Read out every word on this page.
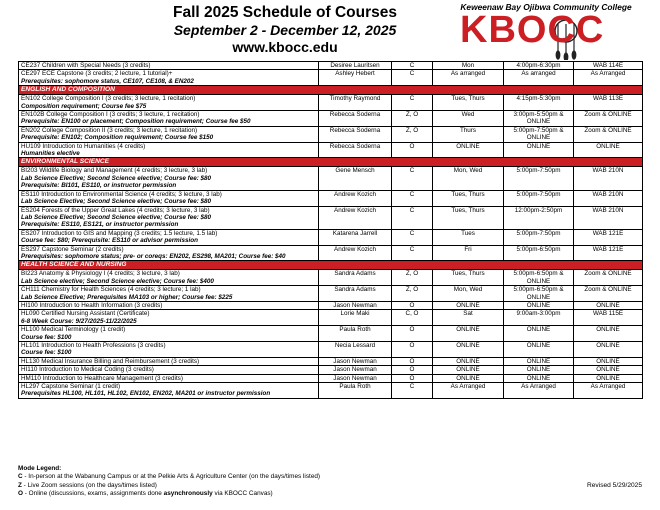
Fall 2025 Schedule of Courses
September 2 - December 12, 2025
www.kbocc.edu
Keweenaw Bay Ojibwa Community College
KBOCC
CE237 Children with Special Needs (3 credits)	Desiree Lauritsen	C	Mon	4:00pm-6:30pm	WAB 114E

CE297 ECE Capstone (3 credits; 2 lecture, 1 tutorial)+
Prerequisites: sophomore status, CE107, CE108, & EN202	Ashley Hebert	C	As arranged	As arranged	As Arranged
ENGLISH AND COMPOSITION					

EN102 College Composition I (3 credits; 3 lecture, 1 recitation)
Composition requirement; Course fee $75	Timothy Raymond	C	Tues, Thurs	4:15pm-5:30pm	WAB 113E

EN102B College Composition I (3 credits; 3 lecture, 1 recitation)
Prerequisite: EN100 or placement; Composition requirement; Course fee $50	Rebecca Soderna	Z, O	Wed	3:00pm-5:50pm & ONLINE	Zoom & ONLINE

EN202 College Composition II (3 credits; 3 lecture, 1 recitation)
Prerequisite: EN102; Composition requirement; Course fee $150	Rebecca Soderna	Z, O	Thurs	5:00pm-7:50pm & ONLINE	Zoom & ONLINE

HU109 Introduction to Humanities (4 credits)
Humanities elective	Rebecca Soderna	O	ONLINE	ONLINE	ONLINE
ENVIRONMENTAL SCIENCE					

BI203 Wildlife Biology and Management (4 credits; 3 lecture, 3 lab)
Lab Science Elective; Second Science elective; Course fee: $80
Prerequisite: BI101, ES110, or instructor permission	Gene Mensch	C	Mon, Wed	5:00pm-7:50pm	WAB 210N

ES110 Introduction to Environmental Science (4 credits; 3 lecture, 3 lab)
Lab Science Elective; Second Science elective; Course fee: $80	Andrew Kozich	C	Tues, Thurs	5:00pm-7:50pm	WAB 210N

ES204 Forests of the Upper Great Lakes (4 credits; 3 lecture, 3 lab)
Lab Science Elective; Second Science elective; Course fee: $80
Prerequisite: ES110, ES121, or instructor permission	Andrew Kozich	C	Tues, Thurs	12:00pm-2:50pm	WAB 210N

ES207 Introduction to GIS and Mapping (3 credits; 1.5 lecture, 1.5 lab)
Course fee: $80; Prerequisite: ES110 or advisor permission	Katarena Jarrell	C	Tues	5:00pm-7:50pm	WAB 121E

ES297 Capstone Seminar (2 credits)
Prerequisites: sophomore status; pre- or coreqs: EN202, ES298, MA201; Course fee: $40	Andrew Kozich	C	Fri	5:00pm-6:50pm	WAB 121E
HEALTH SCIENCE AND NURSING					

BI223 Anatomy & Physiology I (4 credits; 3 lecture, 3 lab)
Lab Science elective; Second Science elective; Course fee: $400	Sandra Adams	Z, O	Tues, Thurs	5:00pm-6:50pm & ONLINE	Zoom & ONLINE

CH111 Chemistry for Health Sciences (4 credits; 3 lecture; 1 lab)
Lab Science Elective; Prerequisites MA103 or higher; Course fee: $225	Sandra Adams	Z, O	Mon, Wed	5:00pm-6:50pm & ONLINE	Zoom & ONLINE

HI100 Introduction to Health Information (3 credits)	Jason Newman	O	ONLINE	ONLINE	ONLINE

HL090 Certified Nursing Assistant (Certificate)
6-8 Week Course: 9/27/2025-11/22/2025	Lorie Maki	C, O	Sat	9:00am-3:00pm	WAB 115E

HL100 Medical Terminology (1 credit)
Course fee: $100	Paula Roth	O	ONLINE	ONLINE	ONLINE

HL101 Introduction to Health Professions (3 credits)
Course fee: $100	Necia Lessard	O	ONLINE	ONLINE	ONLINE

HL130 Medical Insurance Billing and Reimbursement (3 credits)	Jason Newman	O	ONLINE	ONLINE	ONLINE

HI110 Introduction to Medical Coding (3 credits)	Jason Newman	O	ONLINE	ONLINE	ONLINE

HM110 Introduction to Healthcare Management (3 credits)	Jason Newman	O	ONLINE	ONLINE	ONLINE

HL297 Capstone Seminar (1 credit)
Prerequisites HL100, HL101, HL102, EN102, EN202, MA201 or instructor permission	Paula Roth	C	As Arranged	As Arranged	As Arranged
Mode Legend:
C - In-person at the Wabanung Campus or at the Pelkie Arts & Agriculture Center (on the days/times listed)
Z - Live Zoom sessions (on the days/times listed)
O - Online (discussions, exams, assignments done asynchronously via KBOCC Canvas)
Revised 5/29/2025
